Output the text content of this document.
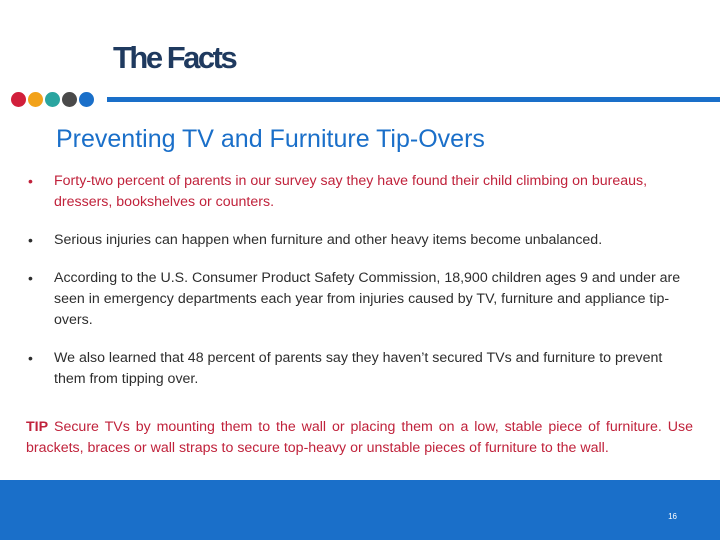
The Facts
Preventing TV and Furniture Tip-Overs
• Forty-two percent of parents in our survey say they have found their child climbing on bureaus, dressers, bookshelves or counters.
• Serious injuries can happen when furniture and other heavy items become unbalanced.
• According to the U.S. Consumer Product Safety Commission, 18,900 children ages 9 and under are seen in emergency departments each year from injuries caused by TV, furniture and appliance tip-overs.
• We also learned that 48 percent of parents say they haven’t secured TVs and furniture to prevent them from tipping over.

TIP Secure TVs by mounting them to the wall or placing them on a low, stable piece of furniture. Use brackets, braces or wall straps to secure top-heavy or unstable pieces of furniture to the wall.

16
